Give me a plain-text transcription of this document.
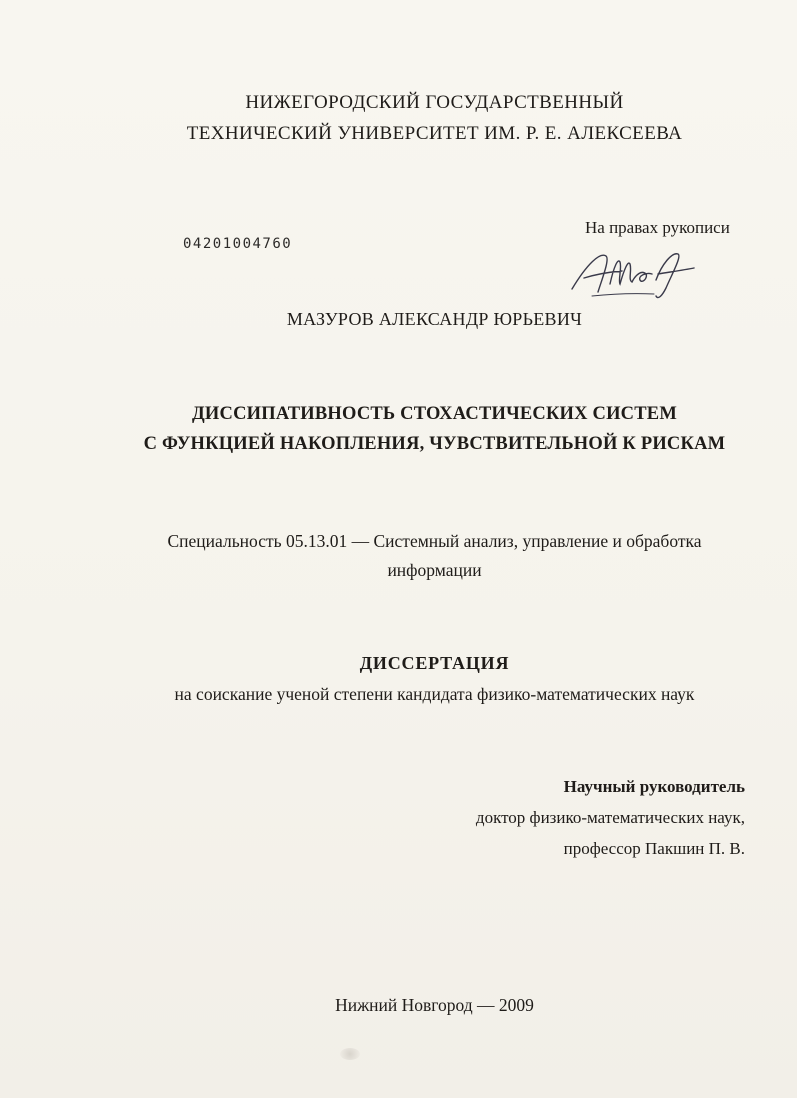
НИЖЕГОРОДСКИЙ ГОСУДАРСТВЕННЫЙ
ТЕХНИЧЕСКИЙ УНИВЕРСИТЕТ ИМ. Р. Е. АЛЕКСЕЕВА
04201004760
На правах рукописи
МАЗУРОВ АЛЕКСАНДР ЮРЬЕВИЧ
ДИССИПАТИВНОСТЬ СТОХАСТИЧЕСКИХ СИСТЕМ
С ФУНКЦИЕЙ НАКОПЛЕНИЯ, ЧУВСТВИТЕЛЬНОЙ К РИСКАМ
Специальность 05.13.01 — Системный анализ, управление и обработка
информации
ДИССЕРТАЦИЯ
на соискание ученой степени кандидата физико-математических наук
Научный руководитель
доктор физико-математических наук,
профессор Пакшин П. В.
Нижний Новгород — 2009
